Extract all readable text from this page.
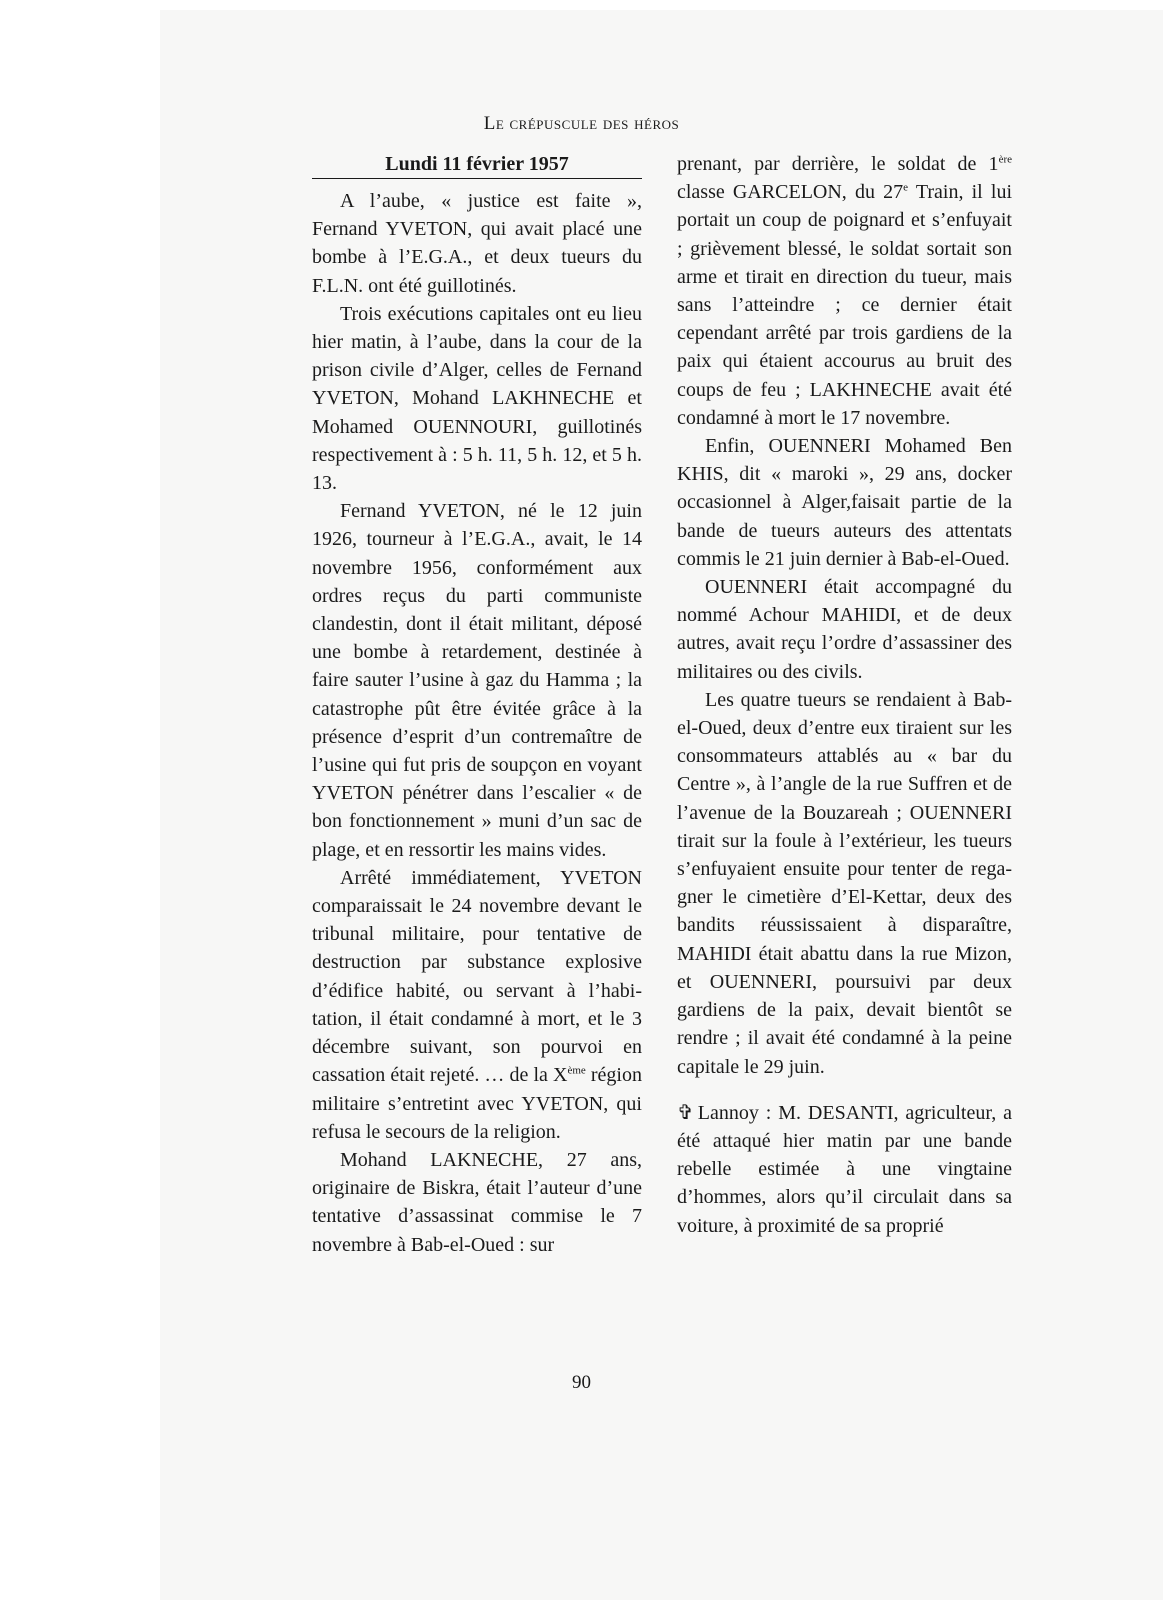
Le crépuscule des héros
Lundi 11 février 1957

A l’aube, « justice est faite », Fernand YVETON, qui avait placé une bombe à l’E.G.A., et deux tueurs du F.L.N. ont été guillotinés.

Trois exécutions capitales ont eu lieu hier matin, à l’aube, dans la cour de la prison civile d’Alger, celles de Fernand YVETON, Mohand LAKHNECHE et Mohamed OUENNOURI, guillotinés respectivement à : 5 h. 11, 5 h. 12, et 5 h. 13.

Fernand YVETON, né le 12 juin 1926, tourneur à l’E.G.A., avait, le 14 novembre 1956, conformément aux ordres reçus du parti communiste clandestin, dont il était militant, déposé une bombe à retardement, destinée à faire sauter l’usine à gaz du Hamma ; la catastrophe pût être évitée grâce à la présence d’esprit d’un contremaître de l’usine qui fut pris de soupçon en voyant YVETON pénétrer dans l’escalier « de bon fonctionnement » muni d’un sac de plage, et en ressortir les mains vides.

Arrêté immédiatement, YVETON comparaissait le 24 novembre devant le tribunal militaire, pour tentative de destruction par substance explosive d’édifice habité, ou servant à l’habitation, il était condamné à mort, et le 3 décembre suivant, son pourvoi en cassation était rejeté. … de la Xème région militaire s’entretint avec YVETON, qui refusa le secours de la religion.

Mohand LAKNECHE, 27 ans, originaire de Biskra, était l’auteur d’une tentative d’assassinat commise le 7 novembre à Bab-el-Oued : sur

prenant, par derrière, le soldat de 1ère classe GARCELON, du 27e Train, il lui portait un coup de poignard et s’enfuyait ; grièvement blessé, le soldat sortait son arme et tirait en direction du tueur, mais sans l’atteindre ; ce dernier était cependant arrêté par trois gardiens de la paix qui étaient accourus au bruit des coups de feu ; LAKHNECHE avait été condamné à mort le 17 novembre.

Enfin, OUENNERI Mohamed Ben KHIS, dit « maroki », 29 ans, docker occasionnel à Alger,faisait partie de la bande de tueurs auteurs des attentats commis le 21 juin dernier à Bab-el-Oued.

OUENNERI était accompagné du nommé Achour MAHIDI, et de deux autres, avait reçu l’ordre d’assassiner des militaires ou des civils.

Les quatre tueurs se rendaient à Bab-el-Oued, deux d’entre eux tiraient sur les consommateurs attablés au « bar du Centre », à l’angle de la rue Suffren et de l’avenue de la Bouzareah ; OUENNERI tirait sur la foule à l’extérieur, les tueurs s’enfuyaient ensuite pour tenter de regagner le cimetière d’El-Kettar, deux des bandits réussissaient à disparaître, MAHIDI était abattu dans la rue Mizon, et OUENNERI, poursuivi par deux gardiens de la paix, devait bientôt se rendre ; il avait été condamné à la peine capitale le 29 juin.

✞ Lannoy : M. DESANTI, agriculteur, a été attaqué hier matin par une bande rebelle estimée à une vingtaine d’hommes, alors qu’il circulait dans sa voiture, à proximité de sa proprié

90
